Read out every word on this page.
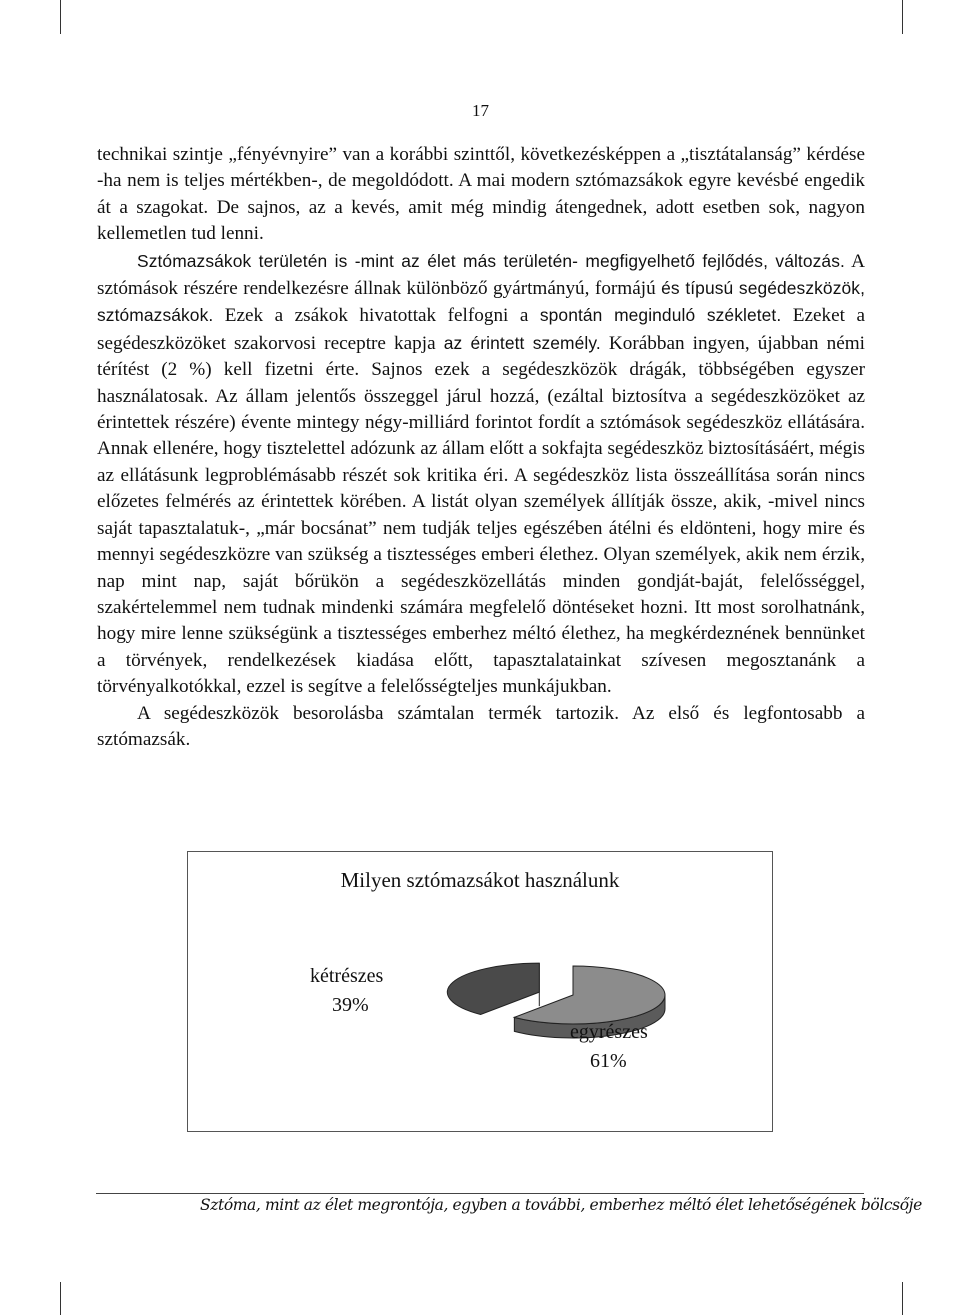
17

technikai szintje „fényévnyire” van a korábbi szinttől, következésképpen a „tisztátalanság” kérdése -ha nem is teljes mértékben-, de megoldódott. A mai modern sztómazsákok egyre kevésbé engedik át a szagokat. De sajnos, az a kevés, amit még mindig átengednek, adott esetben sok, nagyon kellemetlen tud lenni.

Sztómazsákok területén is -mint az élet más területén- megfigyelhető fejlődés, változás. A sztómások részére rendelkezésre állnak különböző gyártmányú, formájú és típusú segédeszközök, sztómazsákok. Ezek a zsákok hivatottak felfogni a spontán meginduló székletet. Ezeket a segédeszközöket szakorvosi receptre kapja az érintett személy. Korábban ingyen, újabban némi térítést (2 %) kell fizetni érte. Sajnos ezek a segédeszközök drágák, többségében egyszer használatosak. Az állam jelentős összeggel járul hozzá, (ezáltal biztosítva a segédeszközöket az érintettek részére) évente mintegy négy-milliárd forintot fordít a sztómások segédeszköz ellátására. Annak ellenére, hogy tisztelettel adózunk az állam előtt a sokfajta segédeszköz biztosításáért, mégis az ellátásunk legproblémásabb részét sok kritika éri. A segédeszköz lista összeállítása során nincs előzetes felmérés az érintettek körében. A listát olyan személyek állítják össze, akik, -mivel nincs saját tapasztalatuk-, „már bocsánat” nem tudják teljes egészében átélni és eldönteni, hogy mire és mennyi segédeszközre van szükség a tisztességes emberi élethez. Olyan személyek, akik nem érzik, nap mint nap, saját bőrükön a segédeszközellátás minden gondját-baját, felelősséggel, szakértelemmel nem tudnak mindenki számára megfelelő döntéseket hozni. Itt most sorolhatnánk, hogy mire lenne szükségünk a tisztességes emberhez méltó élethez, ha megkérdeznének bennünket a törvények, rendelkezések kiadása előtt, tapasztalatainkat szívesen megosztanánk a törvényalkotókkal, ezzel is segítve a felelősségteljes munkájukban.

A segédeszközök besorolásba számtalan termék tartozik. Az első és legfontosabb a sztómazsák.

Milyen sztómazsákot használunk
kétrészes
39%
egyrészes
61%
Sztóma, mint az élet megrontója, egyben a további, emberhez méltó élet lehetőségének bölcsője
